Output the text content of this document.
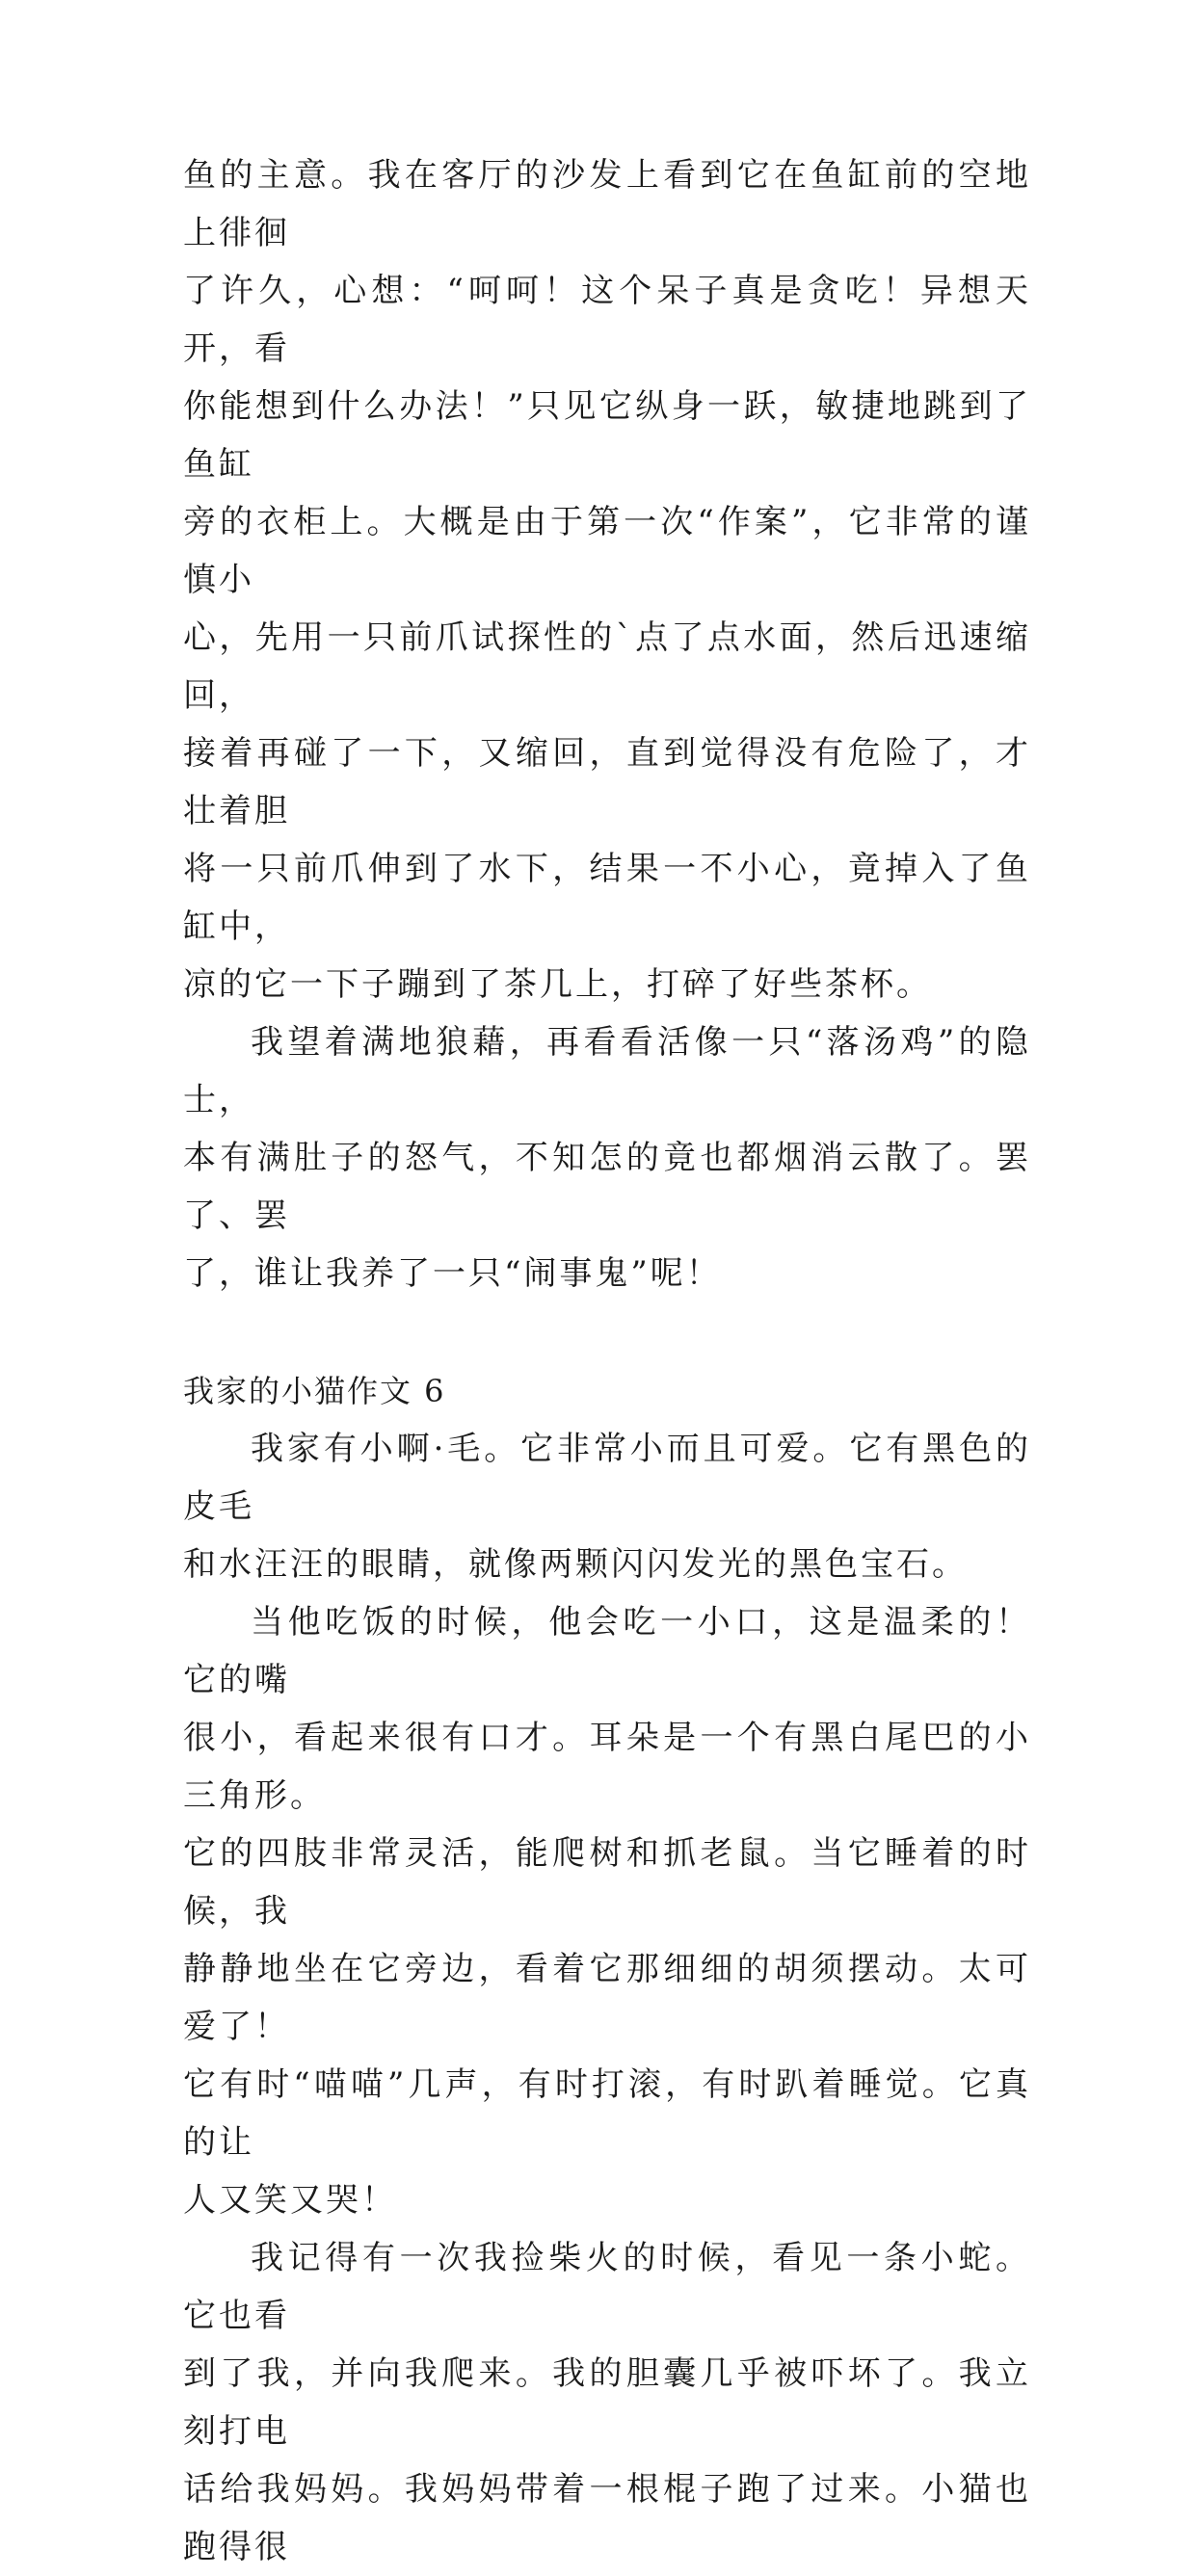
鱼的主意。我在客厅的沙发上看到它在鱼缸前的空地上徘徊
了许久，心想：“呵呵！这个呆子真是贪吃！异想天开，看
你能想到什么办法！”只见它纵身一跃，敏捷地跳到了鱼缸
旁的衣柜上。大概是由于第一次“作案”，它非常的谨慎小
心，先用一只前爪试探性的`点了点水面，然后迅速缩回，
接着再碰了一下，又缩回，直到觉得没有危险了，才壮着胆
将一只前爪伸到了水下，结果一不小心，竟掉入了鱼缸中，
凉的它一下子蹦到了茶几上，打碎了好些茶杯。

我望着满地狼藉，再看看活像一只“落汤鸡”的隐士，
本有满肚子的怒气，不知怎的竟也都烟消云散了。罢了、罢
了，谁让我养了一只“闹事鬼”呢！

我家的小猫作文 6

我家有小啊·毛。它非常小而且可爱。它有黑色的皮毛
和水汪汪的眼睛，就像两颗闪闪发光的黑色宝石。

当他吃饭的时候，他会吃一小口，这是温柔的！它的嘴
很小，看起来很有口才。耳朵是一个有黑白尾巴的小三角形。
它的四肢非常灵活，能爬树和抓老鼠。当它睡着的时候，我
静静地坐在它旁边，看着它那细细的胡须摆动。太可爱了！
它有时“喵喵”几声，有时打滚，有时趴着睡觉。它真的让
人又笑又哭！

我记得有一次我捡柴火的时候，看见一条小蛇。它也看
到了我，并向我爬来。我的胆囊几乎被吓坏了。我立刻打电
话给我妈妈。我妈妈带着一根棍子跑了过来。小猫也跑得很
